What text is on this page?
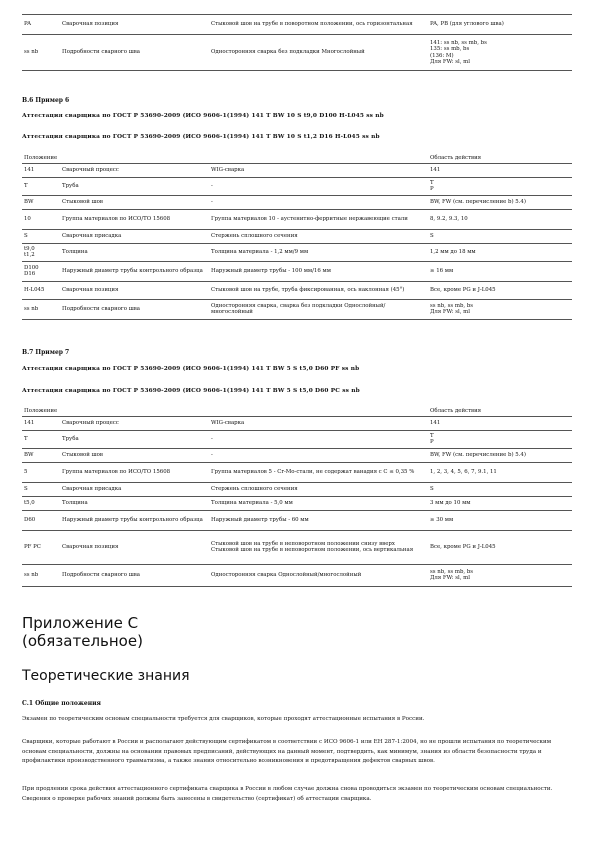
PA	Сварочная позиция	Стыковой шов на трубе в поворотном положении, ось горизонтальная	PA, PB (для углового шва)
ss nb	Подробности сварного шва	Односторонняя сварка без подкладки Многослойный	141: ss nb, ss mb, bs
135: ss mb, bs
(136: M)
Для FW: sl, ml
В.6 Пример 6
Аттестация сварщика по ГОСТ Р 53690-2009 (ИСО 9606-1(1994) 141 T BW 10 S t9,0 D100 H-L045 ss nb
Аттестация сварщика по ГОСТ Р 53690-2009 (ИСО 9606-1(1994) 141 T BW 10 S t1,2 D16 H-L045 ss nb
Положение			Область действия
141	Сварочный процесс	WIG-сварка	141
T	Труба	-	T
P
BW	Стыковой шов	-	BW, FW (см. перечисление b) 5.4)
10	Группа материалов по ИСО/ТО 15608	Группа материалов 10 - аустенитно-ферритные нержавеющие стали	8, 9.2, 9.3, 10
S	Сварочная присадка	Стержень сплошного сечения	S
t9,0
t1,2	Толщина	Толщина материала - 1,2 мм/9 мм	1,2 мм до 18 мм
D100
D16	Наружный диаметр трубы контрольного образца	Наружный диаметр трубы - 100 мм/16 мм	≥ 16 мм
H-L045	Сварочная позиция	Стыковой шов на трубе, труба фиксированная, ось наклонная (45°)	Все, кроме PG и J-L045
ss nb	Подробности сварного шва	Односторонняя сварка, сварка без подкладки Однослойный/многослойный	ss nb, ss mb, bs
Для FW: sl, ml
В.7 Пример 7
Аттестация сварщика по ГОСТ Р 53690-2009 (ИСО 9606-1(1994) 141 T BW 5 S t5,0 D60 PF ss nb
Аттестация сварщика по ГОСТ Р 53690-2009 (ИСО 9606-1(1994) 141 T BW 5 S t5,0 D60 PC ss nb
Положение			Область действия
141	Сварочный процесс	WIG-сварка	141
T	Труба	-	T
P
BW	Стыковой шов	-	BW, FW (см. перечисление b) 5.4)
5	Группа материалов по ИСО/ТО 15608	Группа материалов 5 - Cr-Mo-стали, не содержат ванадия с C ≤ 0,35 %	1, 2, 3, 4, 5, 6, 7, 9.1, 11
S	Сварочная присадка	Стержень сплошного сечения	S
t5,0	Толщина	Толщина материала - 5,0 мм	3 мм до 10 мм
D60	Наружный диаметр трубы контрольного образца	Наружный диаметр трубы - 60 мм	≥ 30 мм
PF PC	Сварочная позиция	Стыковой шов на трубе в неповоротном положении снизу вверх
Стыковой шов на трубе в неповоротном положении, ось вертикальная	Все, кроме PG и J-L045
ss nb	Подробности сварного шва	Односторонняя сварка Однослойный/многослойный	ss nb, ss mb, bs
Для FW: sl, ml
Приложение С
(обязательное)
Теоретические знания
С.1 Общие положения

Экзамен по теоретическим основам специальности требуется для сварщиков, которые проходят аттестационные испытания в России.

Сварщики, которые работают в России и располагают действующим сертификатом в соответствии с ИСО 9606-1 или ЕН 287-1:2004, но не прошли испытания по теоретическим основам специальности, должны на основании правовых предписаний, действующих на данный момент, подтвердить, как минимум, знания из области безопасности труда и профилактики производственного травматизма, а также знания относительно возникновения и предотвращения дефектов сварных швов.

При продлении срока действия аттестационного сертификата сварщика в России в любом случае должна снова проводиться экзамен по теоретическим основам специальности. Сведения о проверке рабочих знаний должны быть занесены в свидетельство (сертификат) об аттестации сварщика.
